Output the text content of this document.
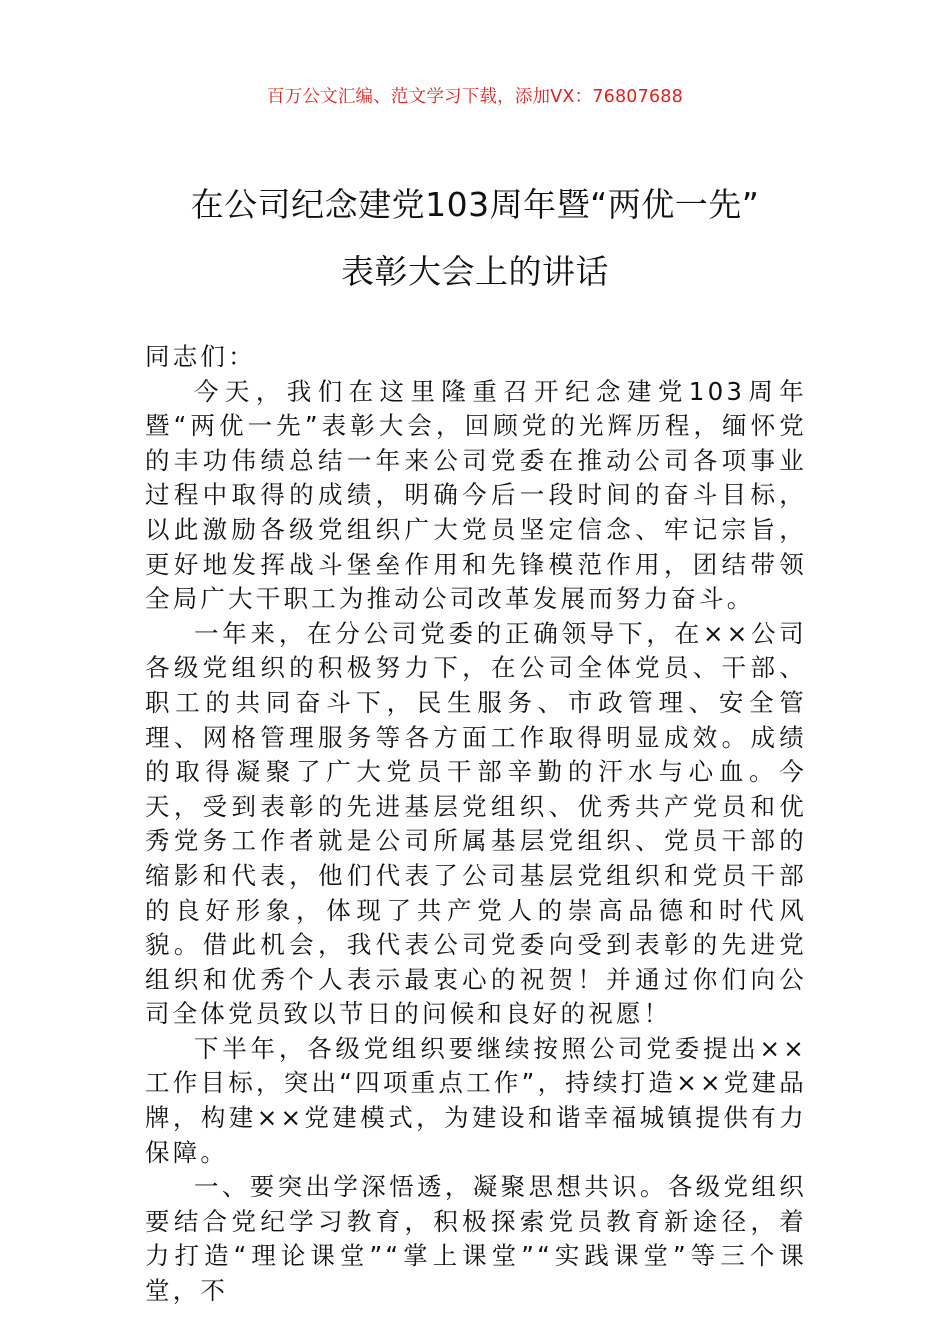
百万公文汇编、范文学习下载，添加VX：76807688
在公司纪念建党103周年暨“两优一先”
表彰大会上的讲话

同志们：

今天，我们在这里隆重召开纪念建党103周年暨“两优一先”表彰大会，回顾党的光辉历程，缅怀党的丰功伟绩总结一年来公司党委在推动公司各项事业过程中取得的成绩，明确今后一段时间的奋斗目标，以此激励各级党组织广大党员坚定信念、牢记宗旨，更好地发挥战斗堡垒作用和先锋模范作用，团结带领全局广大干职工为推动公司改革发展而努力奋斗。

一年来，在分公司党委的正确领导下，在××公司各级党组织的积极努力下，在公司全体党员、干部、职工的共同奋斗下，民生服务、市政管理、安全管理、网格管理服务等各方面工作取得明显成效。成绩的取得凝聚了广大党员干部辛勤的汗水与心血。今天，受到表彰的先进基层党组织、优秀共产党员和优秀党务工作者就是公司所属基层党组织、党员干部的缩影和代表，他们代表了公司基层党组织和党员干部的良好形象，体现了共产党人的崇高品德和时代风貌。借此机会，我代表公司党委向受到表彰的先进党组织和优秀个人表示最衷心的祝贺！并通过你们向公司全体党员致以节日的问候和良好的祝愿！

下半年，各级党组织要继续按照公司党委提出××工作目标，突出“四项重点工作”，持续打造××党建品牌，构建××党建模式，为建设和谐幸福城镇提供有力保障。

一、要突出学深悟透，凝聚思想共识。各级党组织要结合党纪学习教育，积极探索党员教育新途径，着力打造“理论课堂”“掌上课堂”“实践课堂”等三个课堂，不
